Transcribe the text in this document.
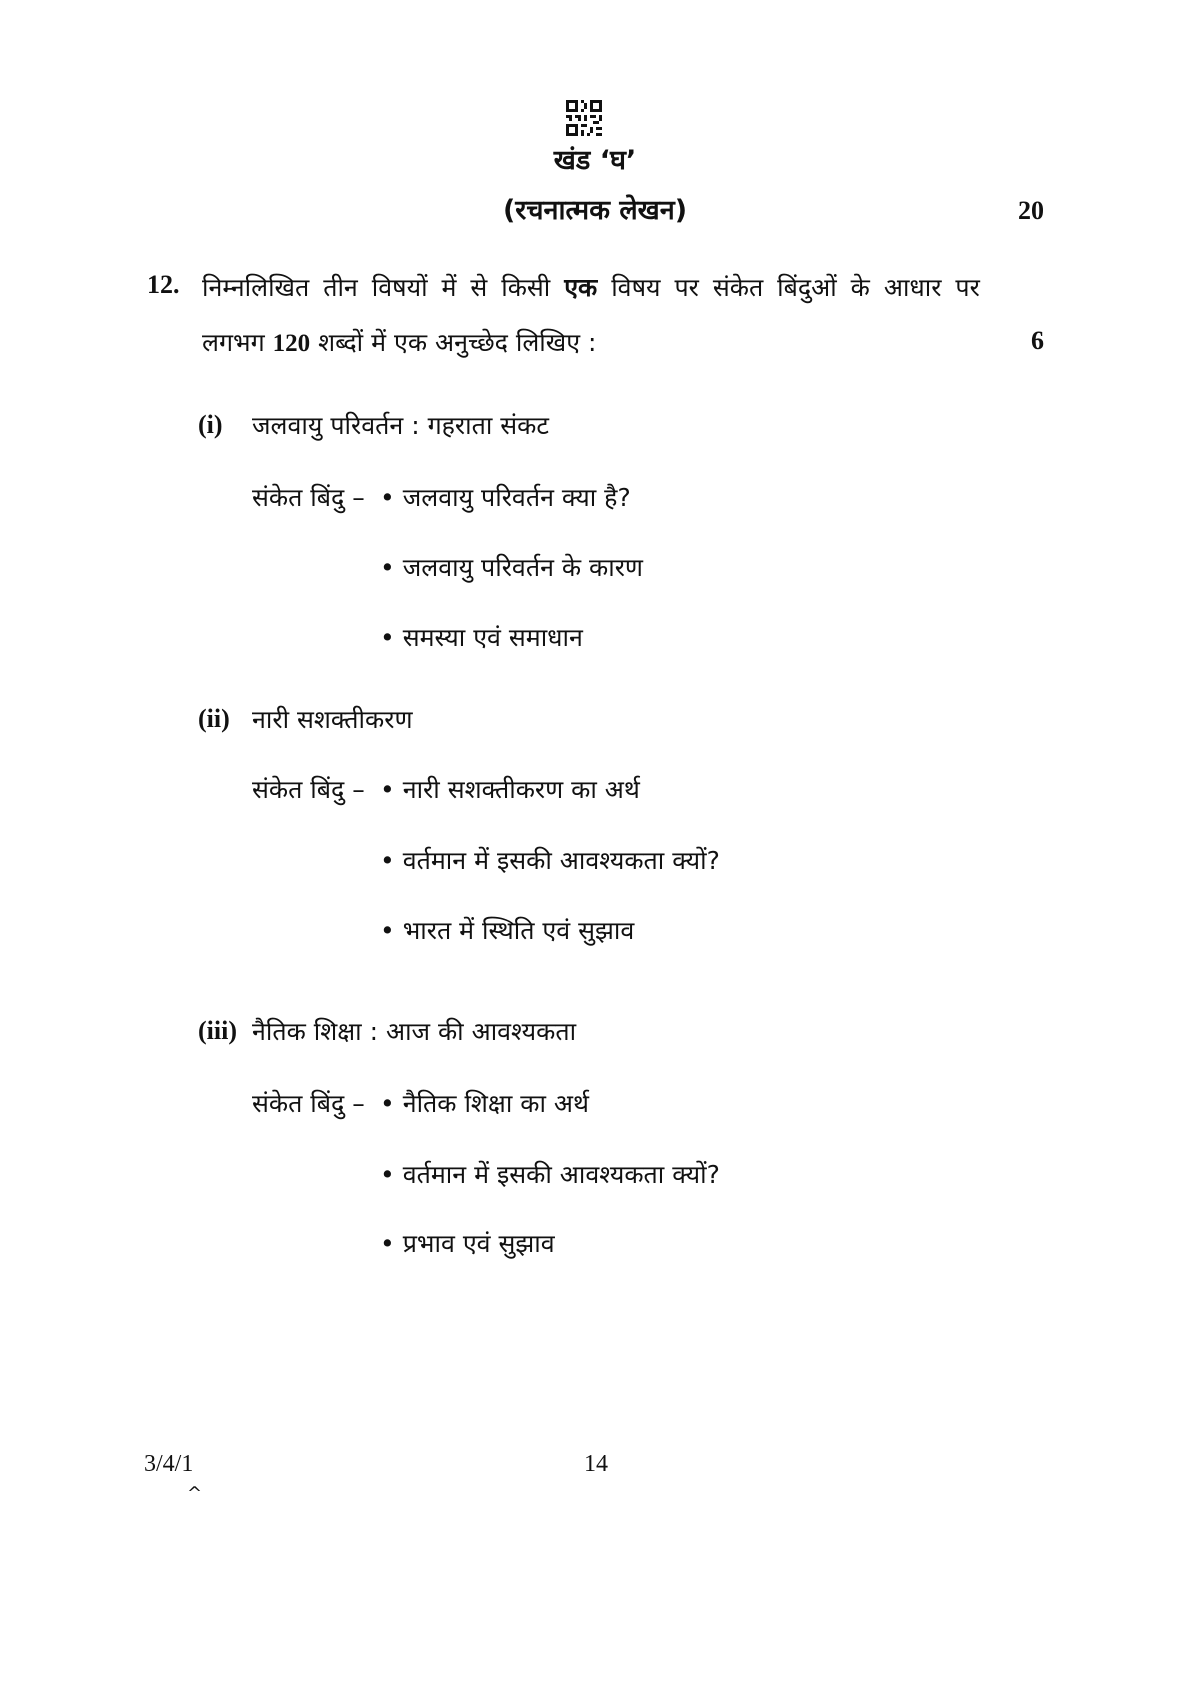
खंड ‘घ’
(रचनात्मक लेखन)	20
12. निम्नलिखित तीन विषयों में से किसी एक विषय पर संकेत बिंदुओं के आधार पर
लगभग 120 शब्दों में एक अनुच्छेद लिखिए :	6
(i) जलवायु परिवर्तन : गहराता संकट
संकेत बिंदु – • जलवायु परिवर्तन क्या है?
• जलवायु परिवर्तन के कारण
• समस्या एवं समाधान
(ii) नारी सशक्तीकरण
संकेत बिंदु – • नारी सशक्तीकरण का अर्थ
• वर्तमान में इसकी आवश्यकता क्यों?
• भारत में स्थिति एवं सुझाव
(iii) नैतिक शिक्षा : आज की आवश्यकता
संकेत बिंदु – • नैतिक शिक्षा का अर्थ
• वर्तमान में इसकी आवश्यकता क्यों?
• प्रभाव एवं सुझाव
3/4/1
^
14
